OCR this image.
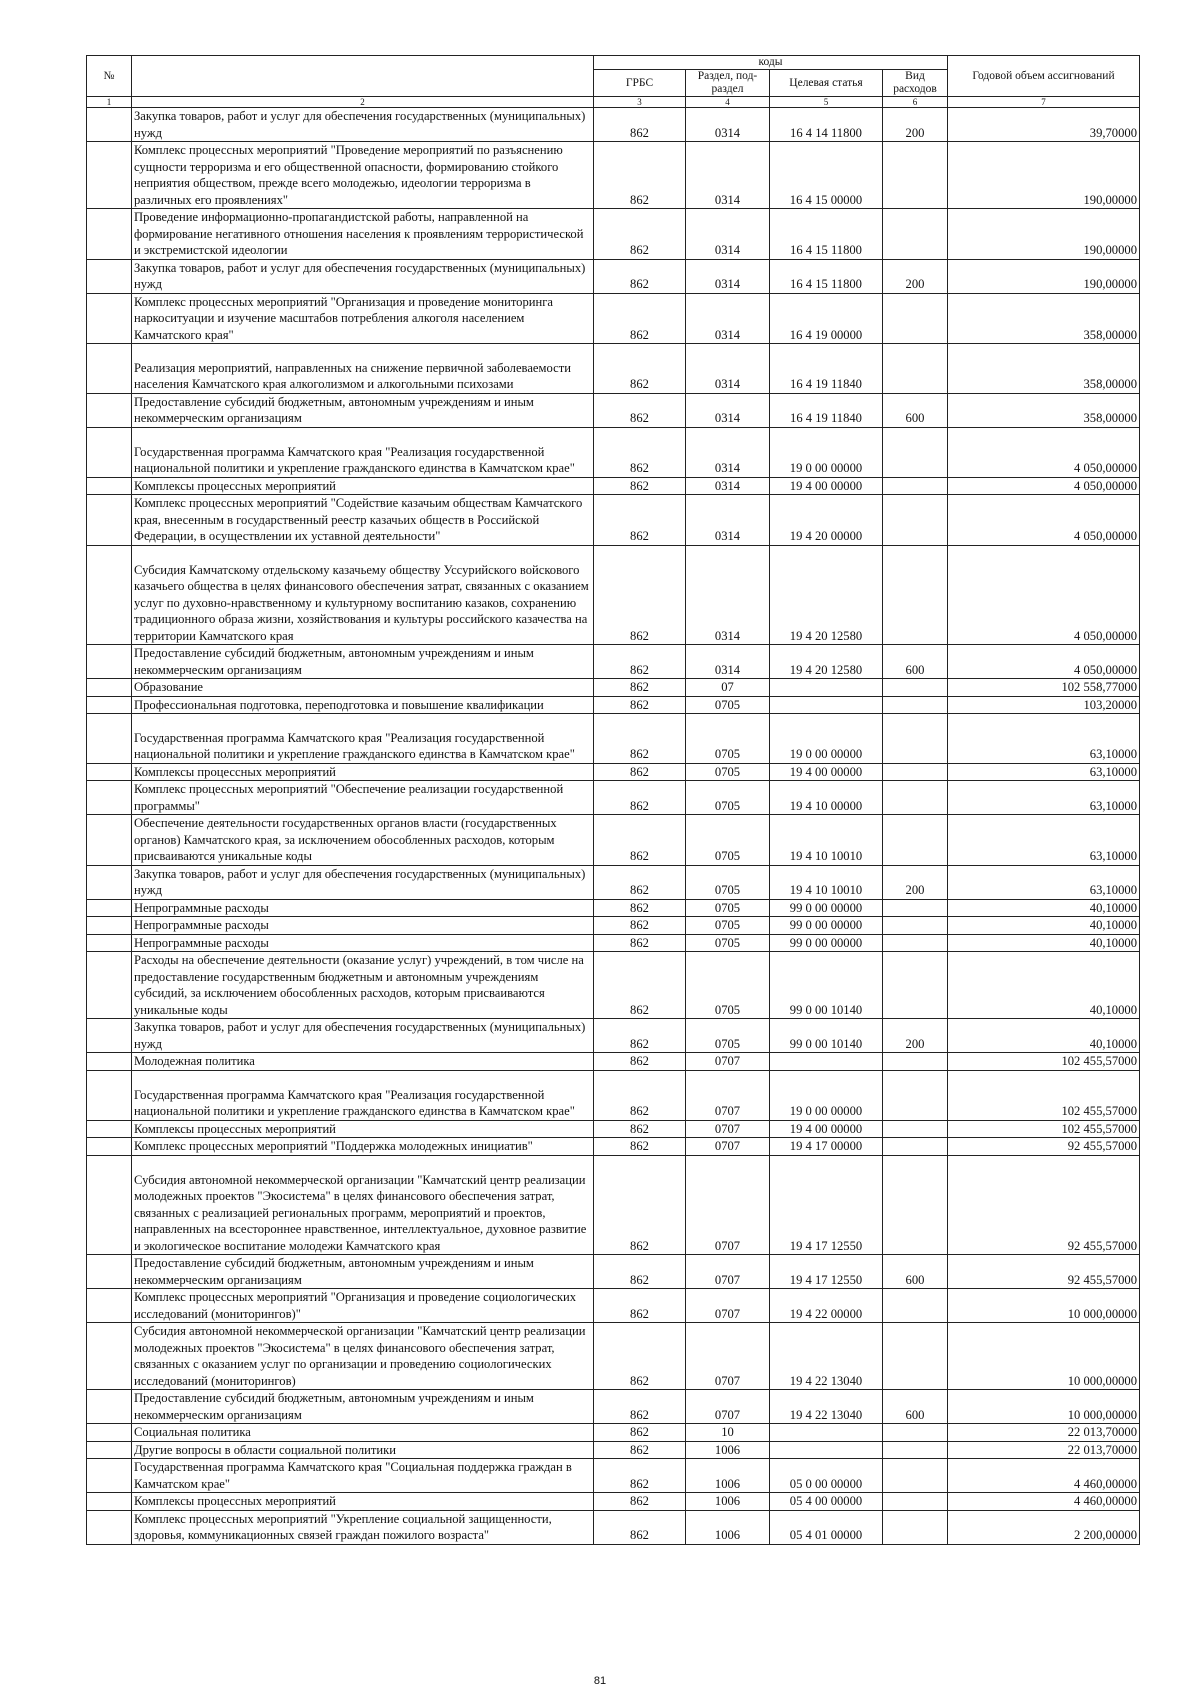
№		коды				Годовой объем ассигнований
		ГРБС	Раздел, под-раздел	Целевая статья	Вид расходов	
1	2	3	4	5	6	7
	Закупка товаров, работ и услуг для обеспечения государственных (муниципальных) нужд	862	0314	16 4 14 11800	200	39,70000
	Комплекс процессных мероприятий "Проведение мероприятий по разъяснению сущности терроризма и его общественной опасности, формированию стойкого неприятия обществом, прежде всего молодежью, идеологии терроризма в различных его проявлениях"	862	0314	16 4 15 00000		190,00000
	Проведение информационно-пропагандистской работы, направленной на формирование негативного отношения населения к проявлениям террористической и экстремистской идеологии	862	0314	16 4 15 11800		190,00000
	Закупка товаров, работ и услуг для обеспечения государственных (муниципальных) нужд	862	0314	16 4 15 11800	200	190,00000
	Комплекс процессных мероприятий "Организация и проведение мониторинга наркоситуации и изучение масштабов потребления алкоголя населением Камчатского края"	862	0314	16 4 19 00000		358,00000
	Реализация мероприятий, направленных на снижение первичной заболеваемости населения Камчатского края алкоголизмом и алкогольными психозами	862	0314	16 4 19 11840		358,00000
	Предоставление субсидий бюджетным, автономным учреждениям и иным некоммерческим организациям	862	0314	16 4 19 11840	600	358,00000
	Государственная программа Камчатского края "Реализация государственной национальной политики и укрепление гражданского единства в Камчатском крае"	862	0314	19 0 00 00000		4 050,00000
	Комплексы процессных мероприятий	862	0314	19 4 00 00000		4 050,00000
	Комплекс процессных мероприятий "Содействие казачьим обществам Камчатского края, внесенным в государственный реестр казачьих обществ в Российской Федерации, в осуществлении их уставной деятельности"	862	0314	19 4 20 00000		4 050,00000
	Субсидия Камчатскому отдельскому казачьему обществу Уссурийского войскового казачьего общества в целях финансового обеспечения затрат, связанных с оказанием услуг по духовно-нравственному и культурному воспитанию казаков, сохранению традиционного образа жизни, хозяйствования и культуры российского казачества на территории Камчатского края	862	0314	19 4 20 12580		4 050,00000
	Предоставление субсидий бюджетным, автономным учреждениям и иным некоммерческим организациям	862	0314	19 4 20 12580	600	4 050,00000
	Образование	862	07			102 558,77000
	Профессиональная подготовка, переподготовка и повышение квалификации	862	0705			103,20000
	Государственная программа Камчатского края "Реализация государственной национальной политики и укрепление гражданского единства в Камчатском крае"	862	0705	19 0 00 00000		63,10000
	Комплексы процессных мероприятий	862	0705	19 4 00 00000		63,10000
	Комплекс процессных мероприятий "Обеспечение реализации государственной программы"	862	0705	19 4 10 00000		63,10000
	Обеспечение деятельности государственных органов власти (государственных органов) Камчатского края, за исключением обособленных расходов, которым присваиваются уникальные коды	862	0705	19 4 10 10010		63,10000
	Закупка товаров, работ и услуг для обеспечения государственных (муниципальных) нужд	862	0705	19 4 10 10010	200	63,10000
	Непрограммные расходы	862	0705	99 0 00 00000		40,10000
	Непрограммные расходы	862	0705	99 0 00 00000		40,10000
	Непрограммные расходы	862	0705	99 0 00 00000		40,10000
	Расходы на обеспечение деятельности (оказание услуг) учреждений, в том числе на предоставление государственным бюджетным и автономным учреждениям субсидий, за исключением обособленных расходов, которым присваиваются уникальные коды	862	0705	99 0 00 10140		40,10000
	Закупка товаров, работ и услуг для обеспечения государственных (муниципальных) нужд	862	0705	99 0 00 10140	200	40,10000
	Молодежная политика	862	0707			102 455,57000
	Государственная программа Камчатского края "Реализация государственной национальной политики и укрепление гражданского единства в Камчатском крае"	862	0707	19 0 00 00000		102 455,57000
	Комплексы процессных мероприятий	862	0707	19 4 00 00000		102 455,57000
	Комплекс процессных мероприятий "Поддержка молодежных инициатив"	862	0707	19 4 17 00000		92 455,57000
	Субсидия автономной некоммерческой организации "Камчатский центр реализации молодежных проектов "Экосистема" в целях финансового обеспечения затрат, связанных с реализацией региональных программ, мероприятий и проектов, направленных на всестороннее нравственное, интеллектуальное, духовное развитие и экологическое воспитание молодежи Камчатского края	862	0707	19 4 17 12550		92 455,57000
	Предоставление субсидий бюджетным, автономным учреждениям и иным некоммерческим организациям	862	0707	19 4 17 12550	600	92 455,57000
	Комплекс процессных мероприятий "Организация и проведение социологических исследований (мониторингов)"	862	0707	19 4 22 00000		10 000,00000
	Субсидия автономной некоммерческой организации "Камчатский центр реализации молодежных проектов "Экосистема" в целях финансового обеспечения затрат, связанных с оказанием услуг по организации и проведению социологических исследований (мониторингов)	862	0707	19 4 22 13040		10 000,00000
	Предоставление субсидий бюджетным, автономным учреждениям и иным некоммерческим организациям	862	0707	19 4 22 13040	600	10 000,00000
	Социальная политика	862	10			22 013,70000
	Другие вопросы в области социальной политики	862	1006			22 013,70000
	Государственная программа Камчатского края "Социальная поддержка граждан в Камчатском крае"	862	1006	05 0 00 00000		4 460,00000
	Комплексы процессных мероприятий	862	1006	05 4 00 00000		4 460,00000
	Комплекс процессных мероприятий "Укрепление социальной защищенности, здоровья, коммуникационных связей граждан пожилого возраста"	862	1006	05 4 01 00000		2 200,00000
81
